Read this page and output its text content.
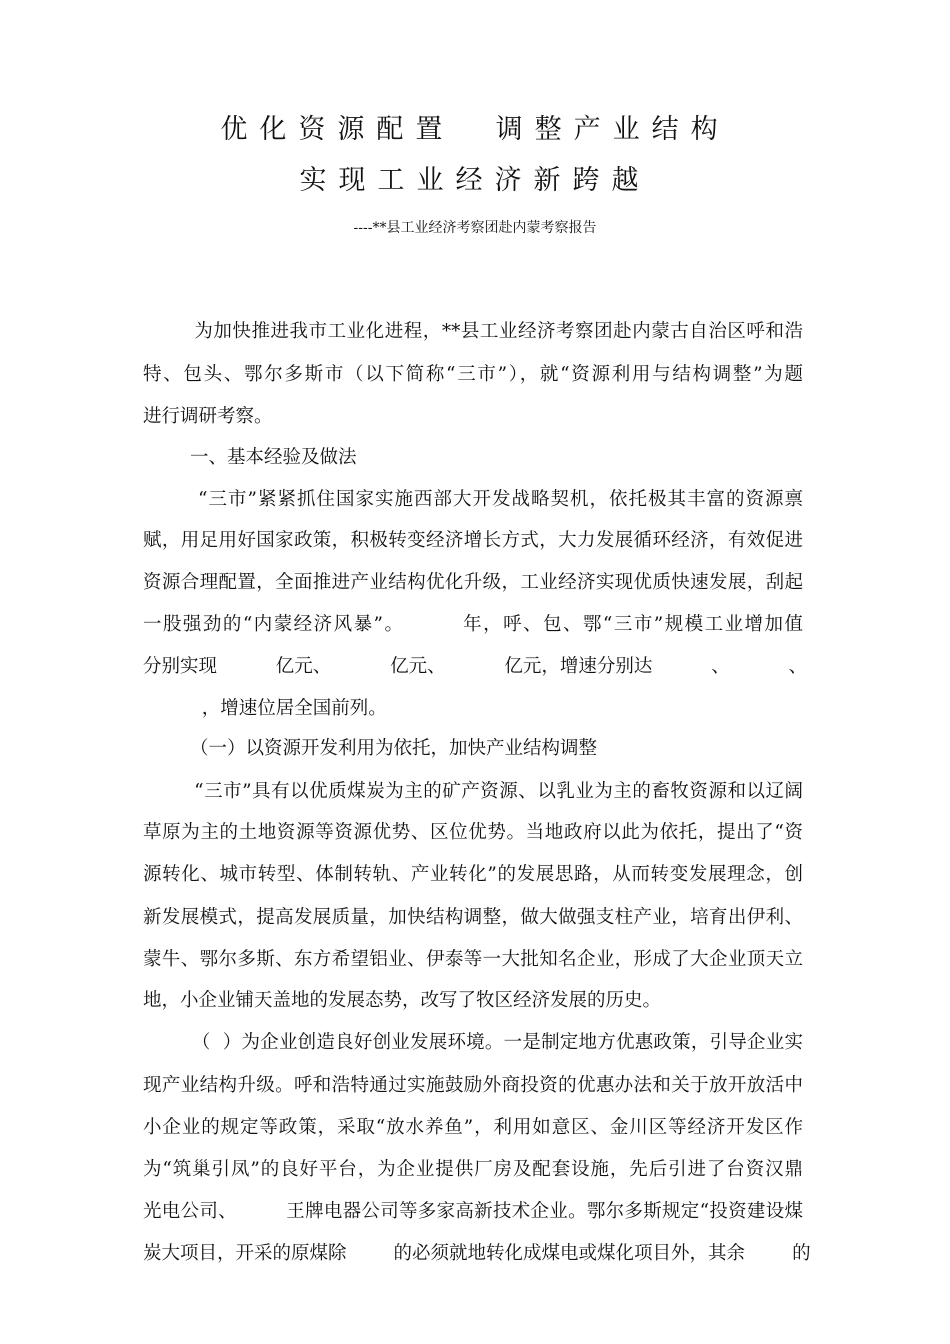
优化资源配置  调整产业结构
实现工业经济新跨越
----**县工业经济考察团赴内蒙考察报告
为加快推进我市工业化进程，**县工业经济考察团赴内蒙古自治区呼和浩
特、包头、鄂尔多斯市（以下简称“三市”），就“资源利用与结构调整”为题
进行调研考察。
一、基本经验及做法
“三市”紧紧抓住国家实施西部大开发战略契机，依托极其丰富的资源禀
赋，用足用好国家政策，积极转变经济增长方式，大力发展循环经济，有效促进
资源合理配置，全面推进产业结构优化升级，工业经济实现优质快速发展，刮起
一股强劲的“内蒙经济风暴”。        年，呼、包、鄂“三市”规模工业增加值
分别实现          亿元、          亿元、          亿元，增速分别达          、          、
，增速位居全国前列。
（一）以资源开发利用为依托，加快产业结构调整
“三市”具有以优质煤炭为主的矿产资源、以乳业为主的畜牧资源和以辽阔
草原为主的土地资源等资源优势、区位优势。当地政府以此为依托，提出了“资
源转化、城市转型、体制转轨、产业转化”的发展思路，从而转变发展理念，创
新发展模式，提高发展质量，加快结构调整，做大做强支柱产业，培育出伊利、
蒙牛、鄂尔多斯、东方希望铝业、伊泰等一大批知名企业，形成了大企业顶天立
地，小企业铺天盖地的发展态势，改写了牧区经济发展的历史。
（  ）为企业创造良好创业发展环境。一是制定地方优惠政策，引导企业实
现产业结构升级。呼和浩特通过实施鼓励外商投资的优惠办法和关于放开放活中
小企业的规定等政策，采取“放水养鱼”，利用如意区、金川区等经济开发区作
为“筑巢引凤”的良好平台，为企业提供厂房及配套设施，先后引进了台资汉鼎
光电公司、        王牌电器公司等多家高新技术企业。鄂尔多斯规定“投资建设煤
炭大项目，开采的原煤除        的必须就地转化成煤电或煤化项目外，其余        的
